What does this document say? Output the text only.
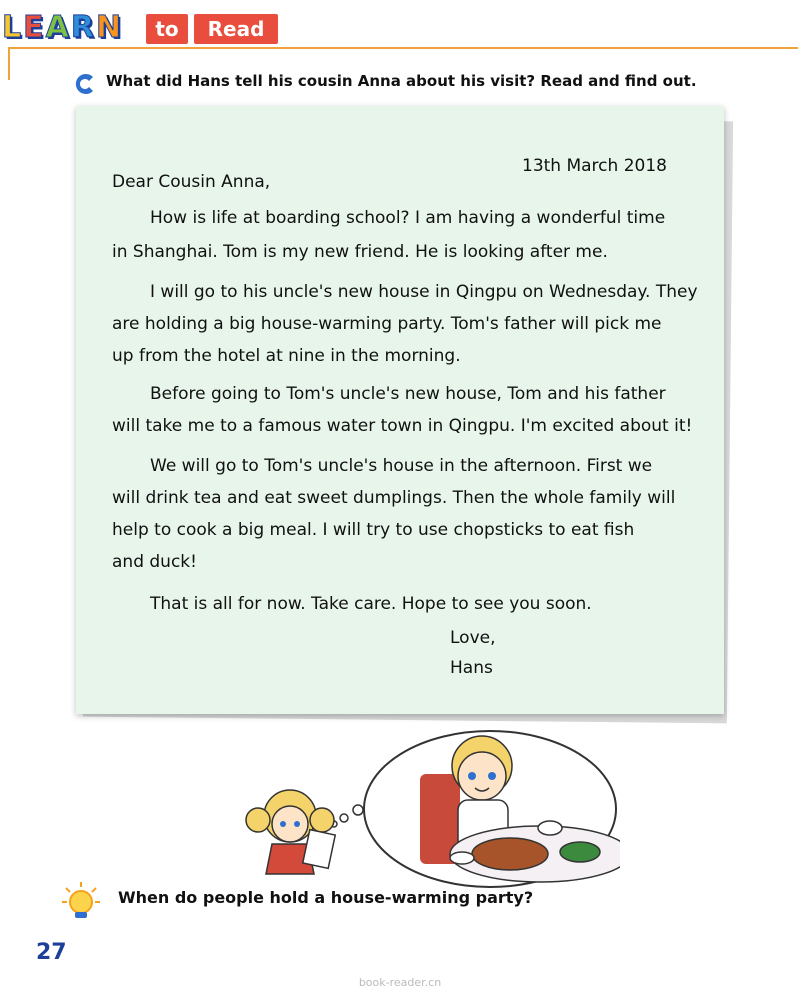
L E A R N	to	Read
What did Hans tell his cousin Anna about his visit? Read and find out.
13th March 2018
Dear Cousin Anna,
How is life at boarding school? I am having a wonderful time
in Shanghai. Tom is my new friend. He is looking after me.
I will go to his uncle's new house in Qingpu on Wednesday. They
are holding a big house-warming party. Tom's father will pick me
up from the hotel at nine in the morning.
Before going to Tom's uncle's new house, Tom and his father
will take me to a famous water town in Qingpu. I'm excited about it!
We will go to Tom's uncle's house in the afternoon. First we
will drink tea and eat sweet dumplings. Then the whole family will
help to cook a big meal. I will try to use chopsticks to eat fish
and duck!
That is all for now. Take care. Hope to see you soon.
Love,
Hans
When do people hold a house-warming party?
27
book-reader.cn
